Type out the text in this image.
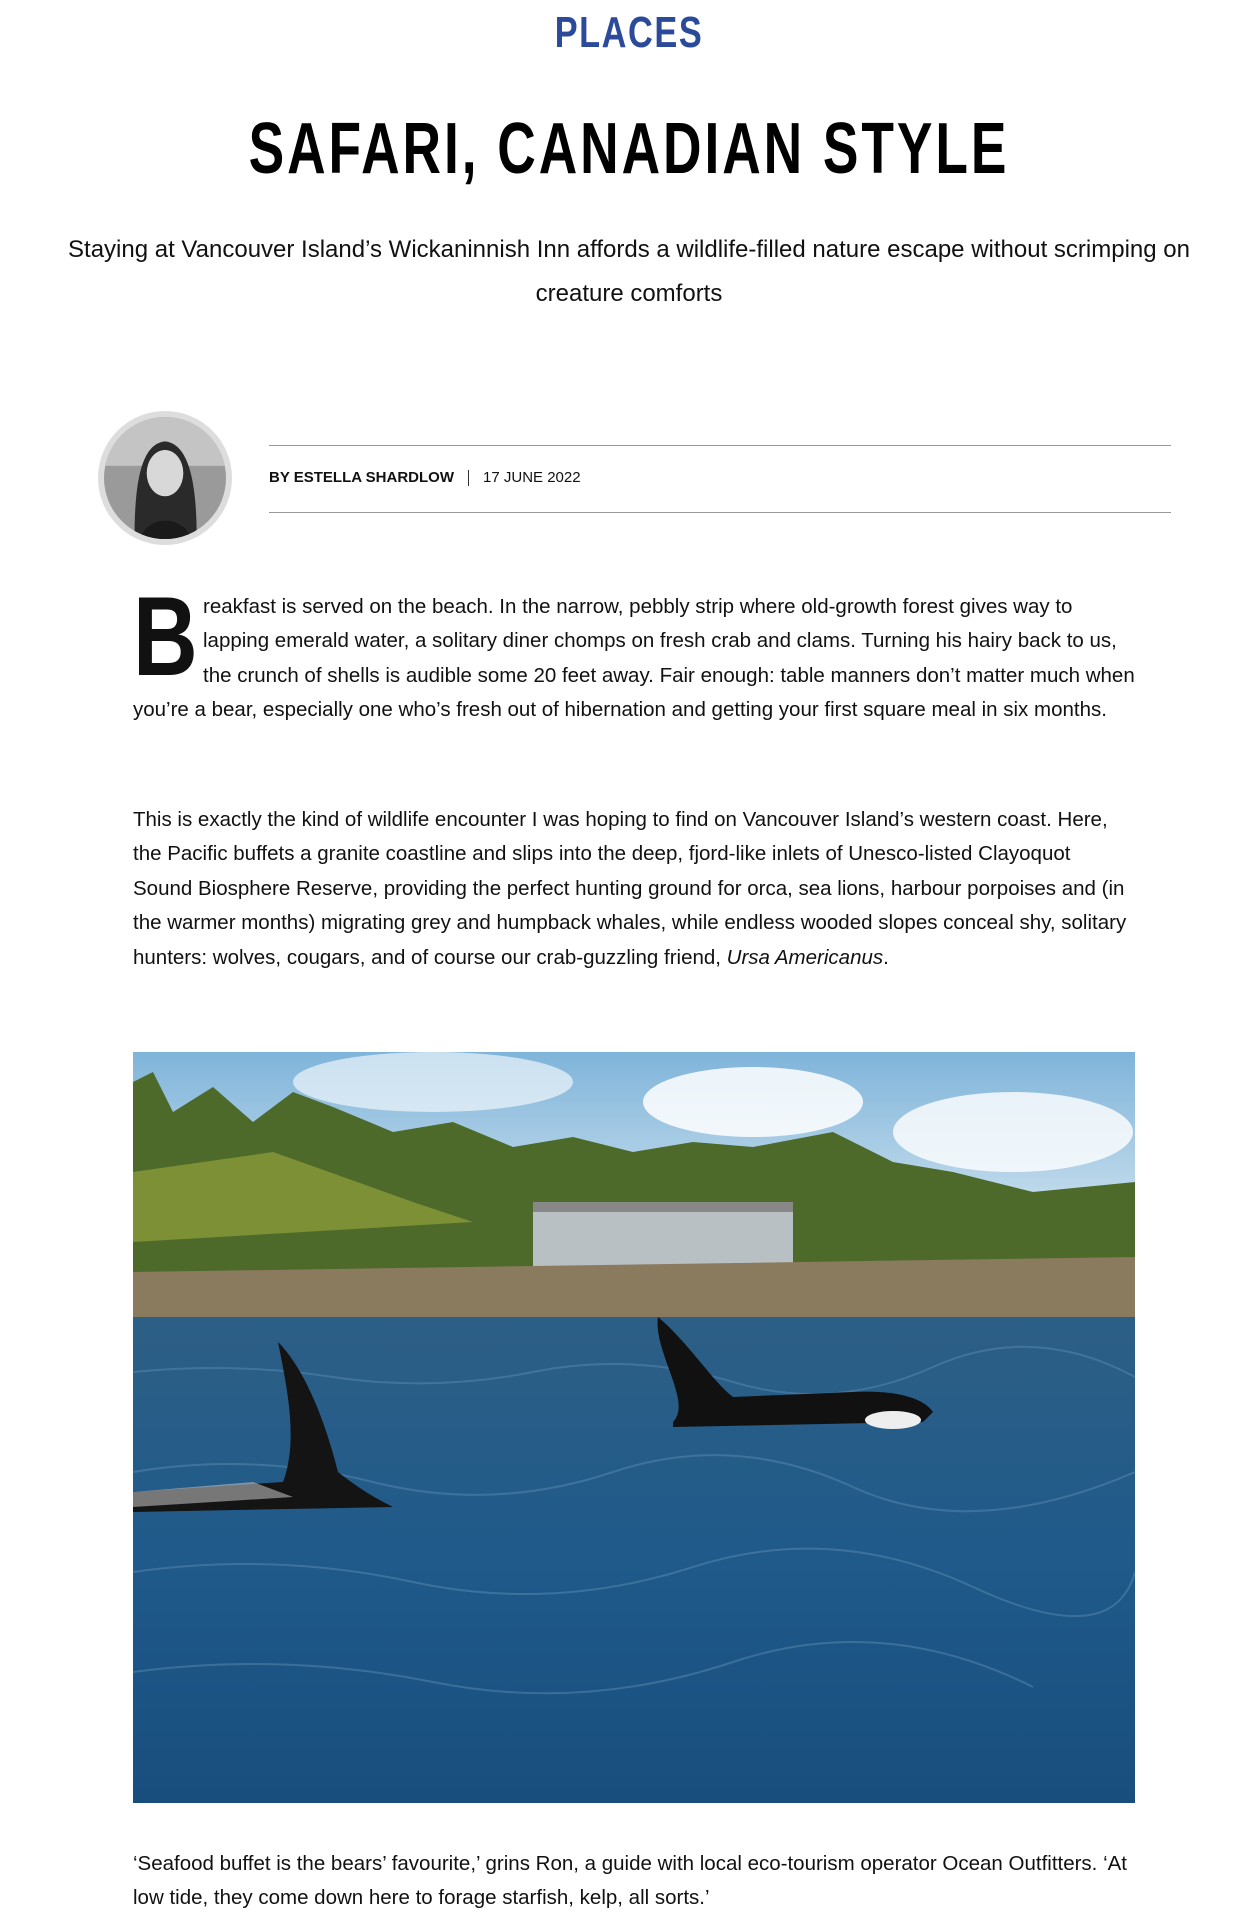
PLACES
SAFARI, CANADIAN STYLE

Staying at Vancouver Island’s Wickaninnish Inn affords a wildlife-filled nature escape without scrimping on creature comforts

BY ESTELLA SHARDLOW 17 JUNE 2022
Breakfast is served on the beach. In the narrow, pebbly strip where old-growth forest gives way to lapping emerald water, a solitary diner chomps on fresh crab and clams. Turning his hairy back to us, the crunch of shells is audible some 20 feet away. Fair enough: table manners don’t matter much when you’re a bear, especially one who’s fresh out of hibernation and getting your first square meal in six months.
This is exactly the kind of wildlife encounter I was hoping to find on Vancouver Island’s western coast. Here, the Pacific buffets a granite coastline and slips into the deep, fjord-like inlets of Unesco-listed Clayoquot Sound Biosphere Reserve, providing the perfect hunting ground for orca, sea lions, harbour porpoises and (in the warmer months) migrating grey and humpback whales, while endless wooded slopes conceal shy, solitary hunters: wolves, cougars, and of course our crab-guzzling friend, Ursa Americanus.
‘Seafood buffet is the bears’ favourite,’ grins Ron, a guide with local eco-tourism operator Ocean Outfitters. ‘At low tide, they come down here to forage starfish, kelp, all sorts.’
